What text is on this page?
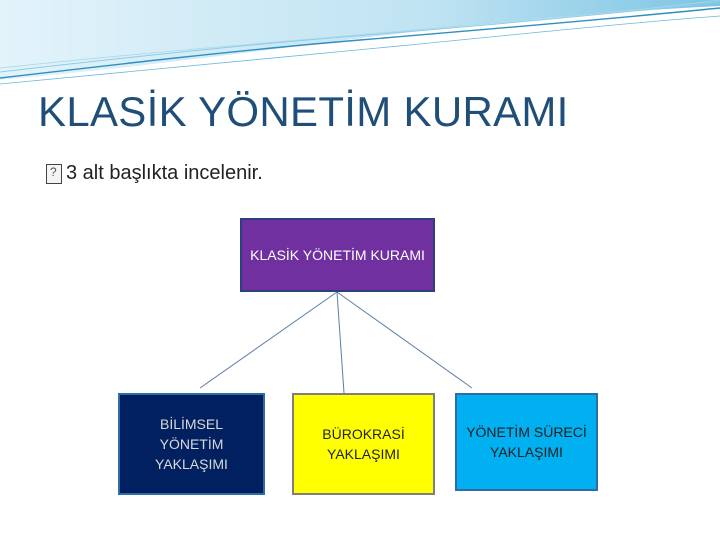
KLASİK YÖNETİM KURAMI
?
3 alt başlıkta incelenir.
KLASİK YÖNETİM KURAMI
BİLİMSEL YÖNETİM YAKLAŞIMI
BÜROKRASİ YAKLAŞIMI
YÖNETİM SÜRECİ YAKLAŞIMI
